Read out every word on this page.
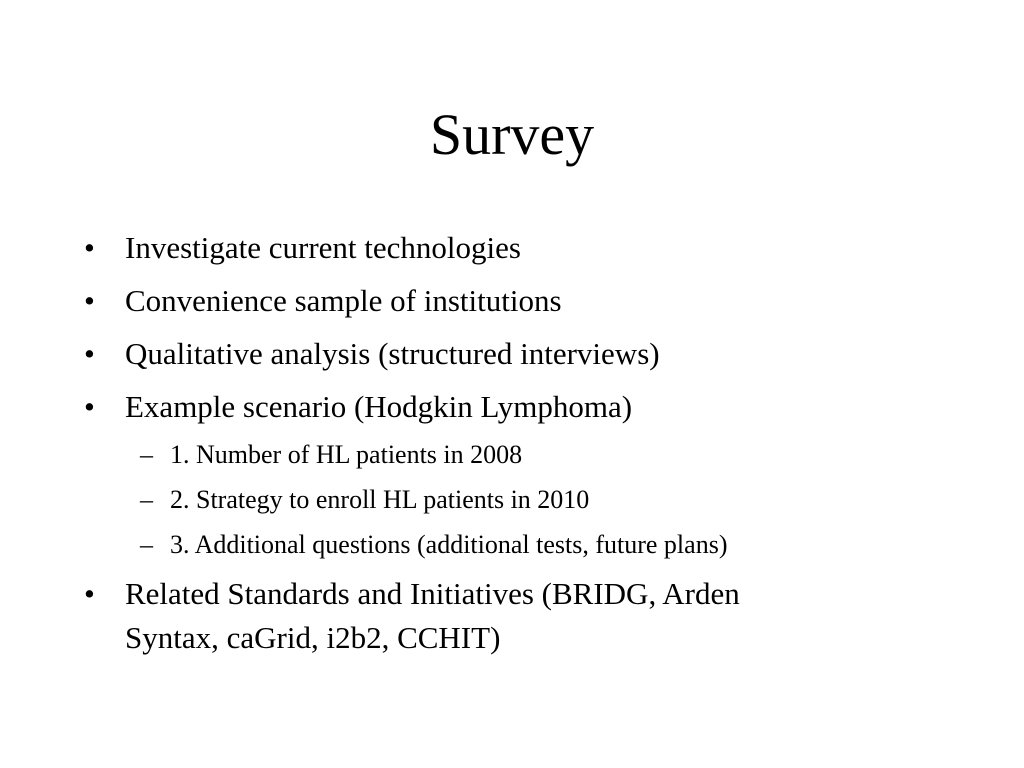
Survey
• Investigate current technologies
• Convenience sample of institutions
• Qualitative analysis (structured interviews)
• Example scenario (Hodgkin Lymphoma)
– 1. Number of HL patients in 2008
– 2. Strategy to enroll HL patients in 2010
– 3. Additional questions (additional tests, future plans)
• Related Standards and Initiatives (BRIDG, Arden
Syntax, caGrid, i2b2, CCHIT)
